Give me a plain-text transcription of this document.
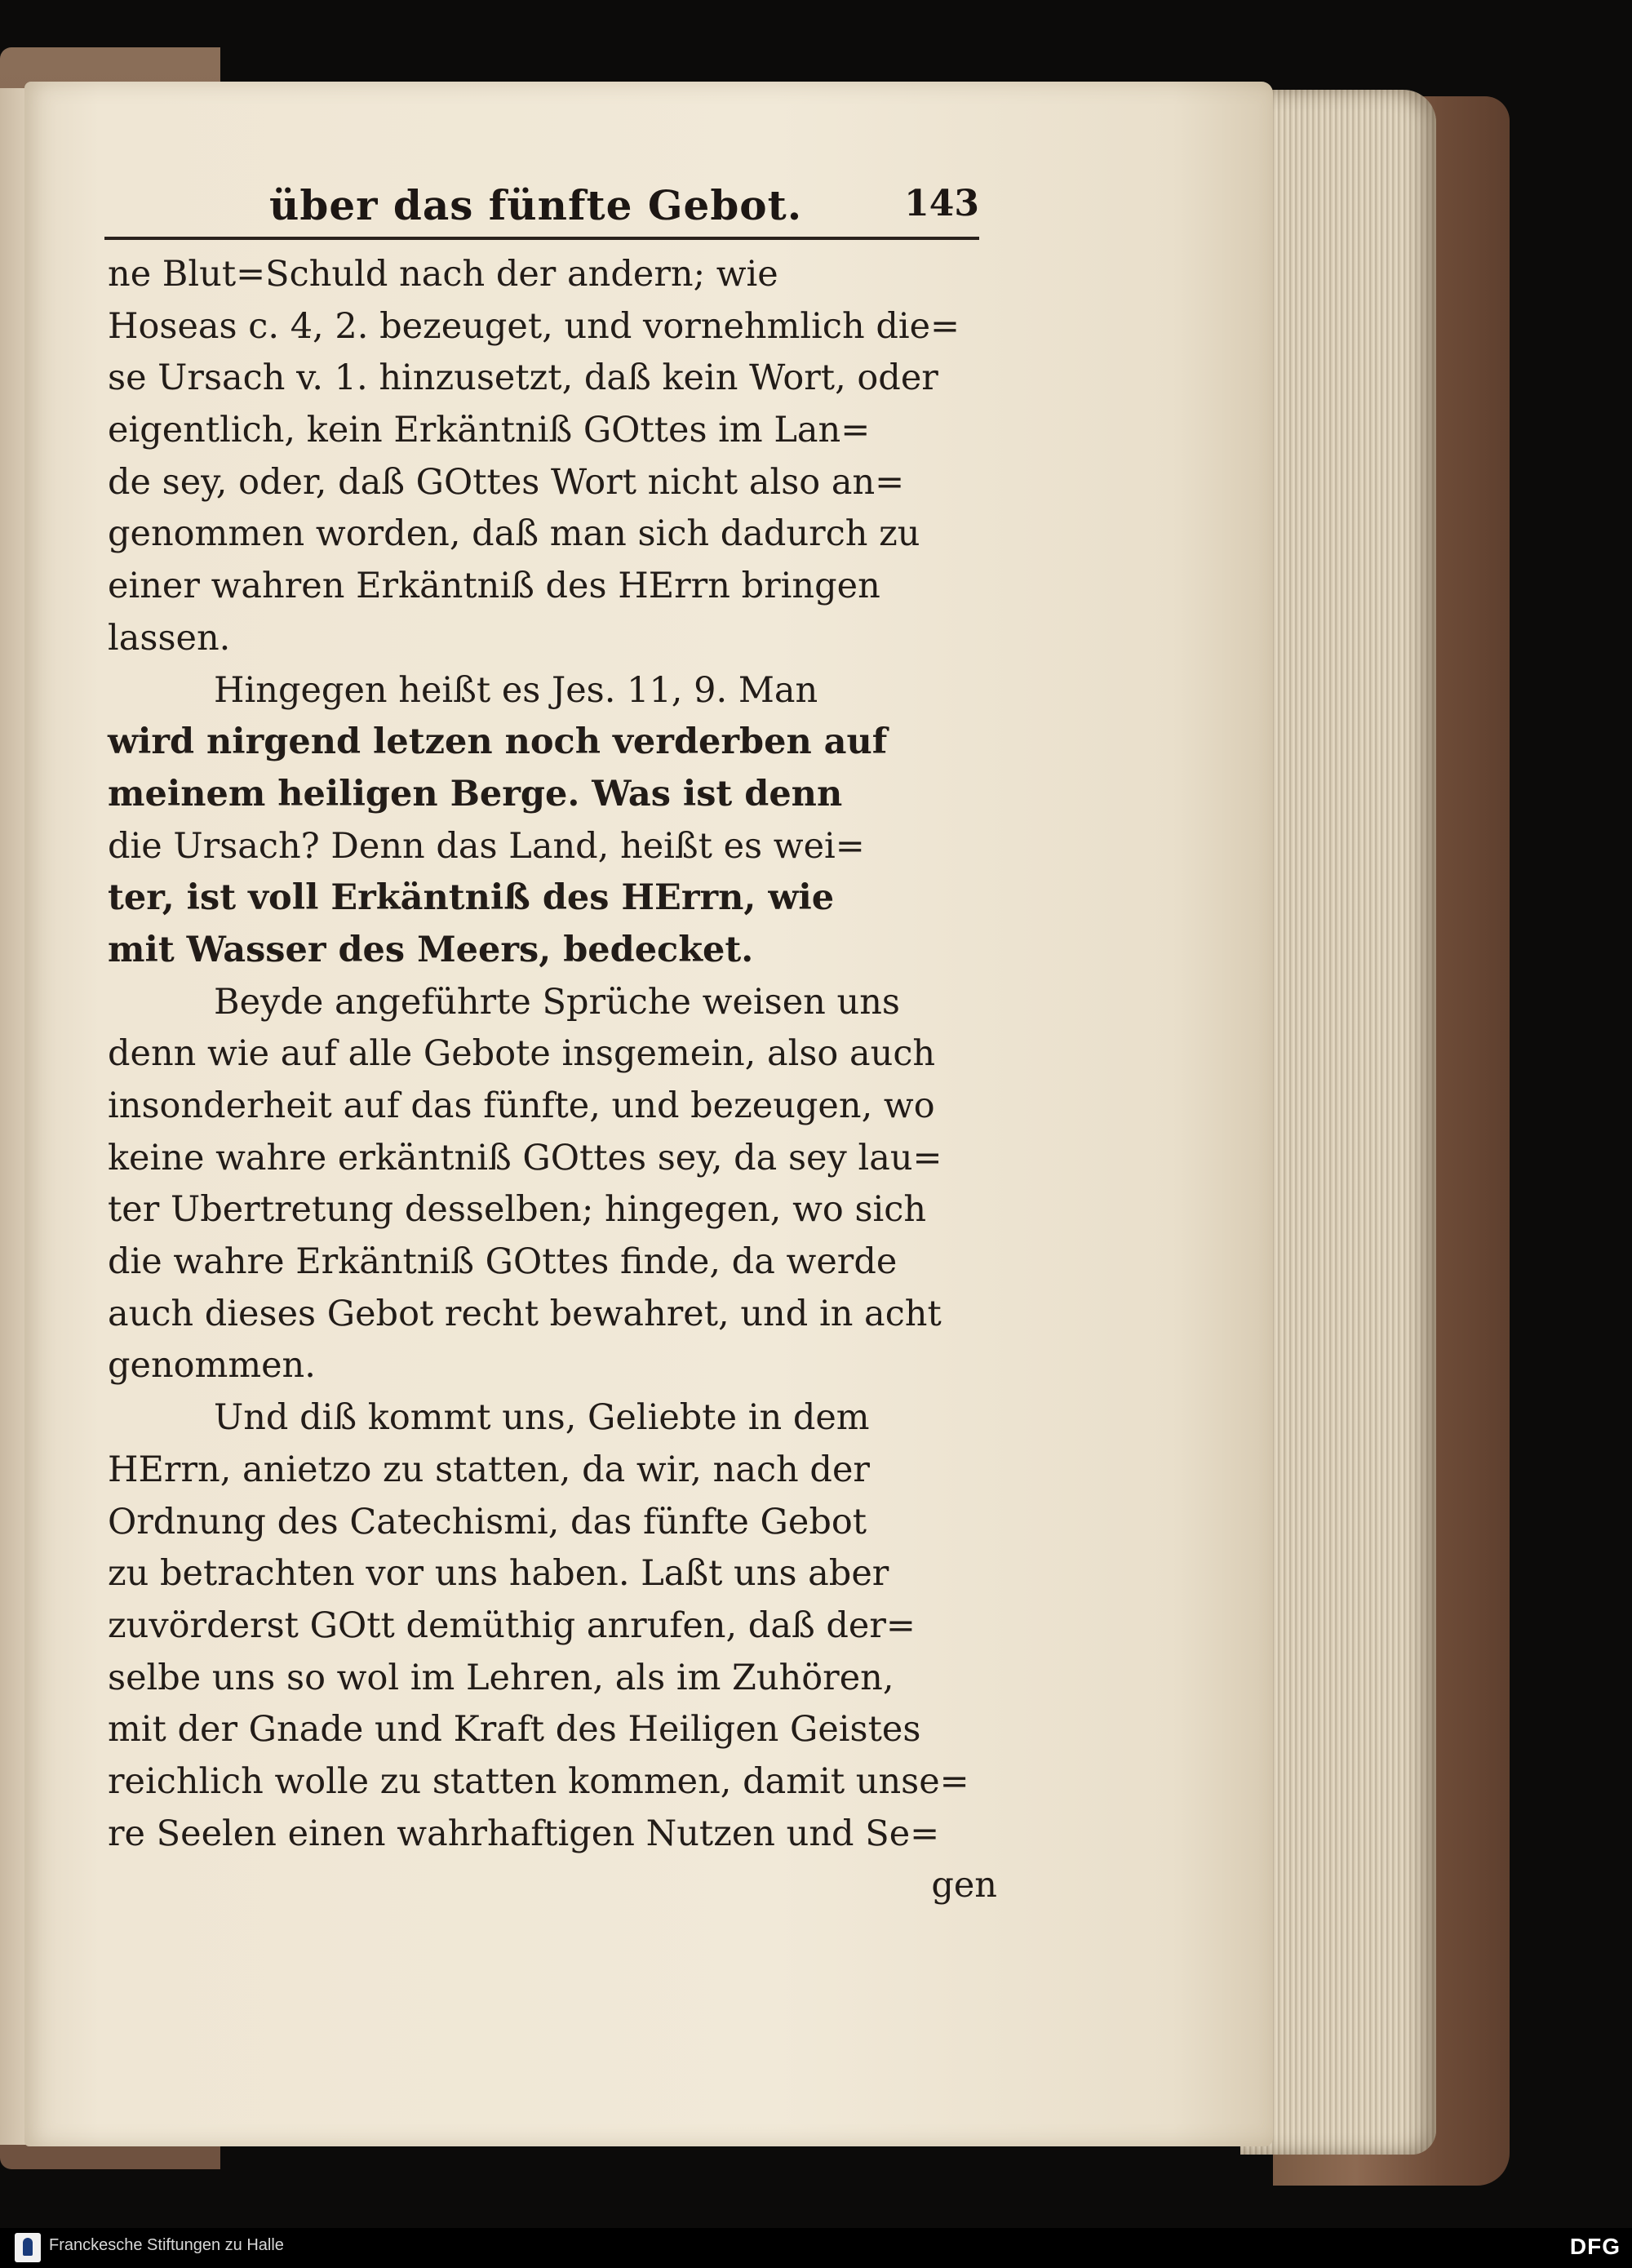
über das fünfte Gebot.	143
ne Blut=Schuld nach der andern; wie
Hoseas c. 4, 2. bezeuget, und vornehmlich die=
se Ursach v. 1. hinzusetzt, daß kein Wort, oder
eigentlich, kein Erkäntniß GOttes im Lan=
de sey, oder, daß GOttes Wort nicht also an=
genommen worden, daß man sich dadurch zu
einer wahren Erkäntniß des HErrn bringen
lassen.
Hingegen heißt es Jes. 11, 9. Man
wird nirgend letzen noch verderben auf
meinem heiligen Berge. Was ist denn
die Ursach? Denn das Land, heißt es wei=
ter, ist voll Erkäntniß des HErrn, wie
mit Wasser des Meers, bedecket.
Beyde angeführte Sprüche weisen uns
denn wie auf alle Gebote insgemein, also auch
insonderheit auf das fünfte, und bezeugen, wo
keine wahre erkäntniß GOttes sey, da sey lau=
ter Ubertretung desselben; hingegen, wo sich
die wahre Erkäntniß GOttes finde, da werde
auch dieses Gebot recht bewahret, und in acht
genommen.
Und diß kommt uns, Geliebte in dem
HErrn, anietzo zu statten, da wir, nach der
Ordnung des Catechismi, das fünfte Gebot
zu betrachten vor uns haben. Laßt uns aber
zuvörderst GOtt demüthig anrufen, daß der=
selbe uns so wol im Lehren, als im Zuhören,
mit der Gnade und Kraft des Heiligen Geistes
reichlich wolle zu statten kommen, damit unse=
re Seelen einen wahrhaftigen Nutzen und Se=
gen
Franckesche Stiftungen zu Halle	DFG
